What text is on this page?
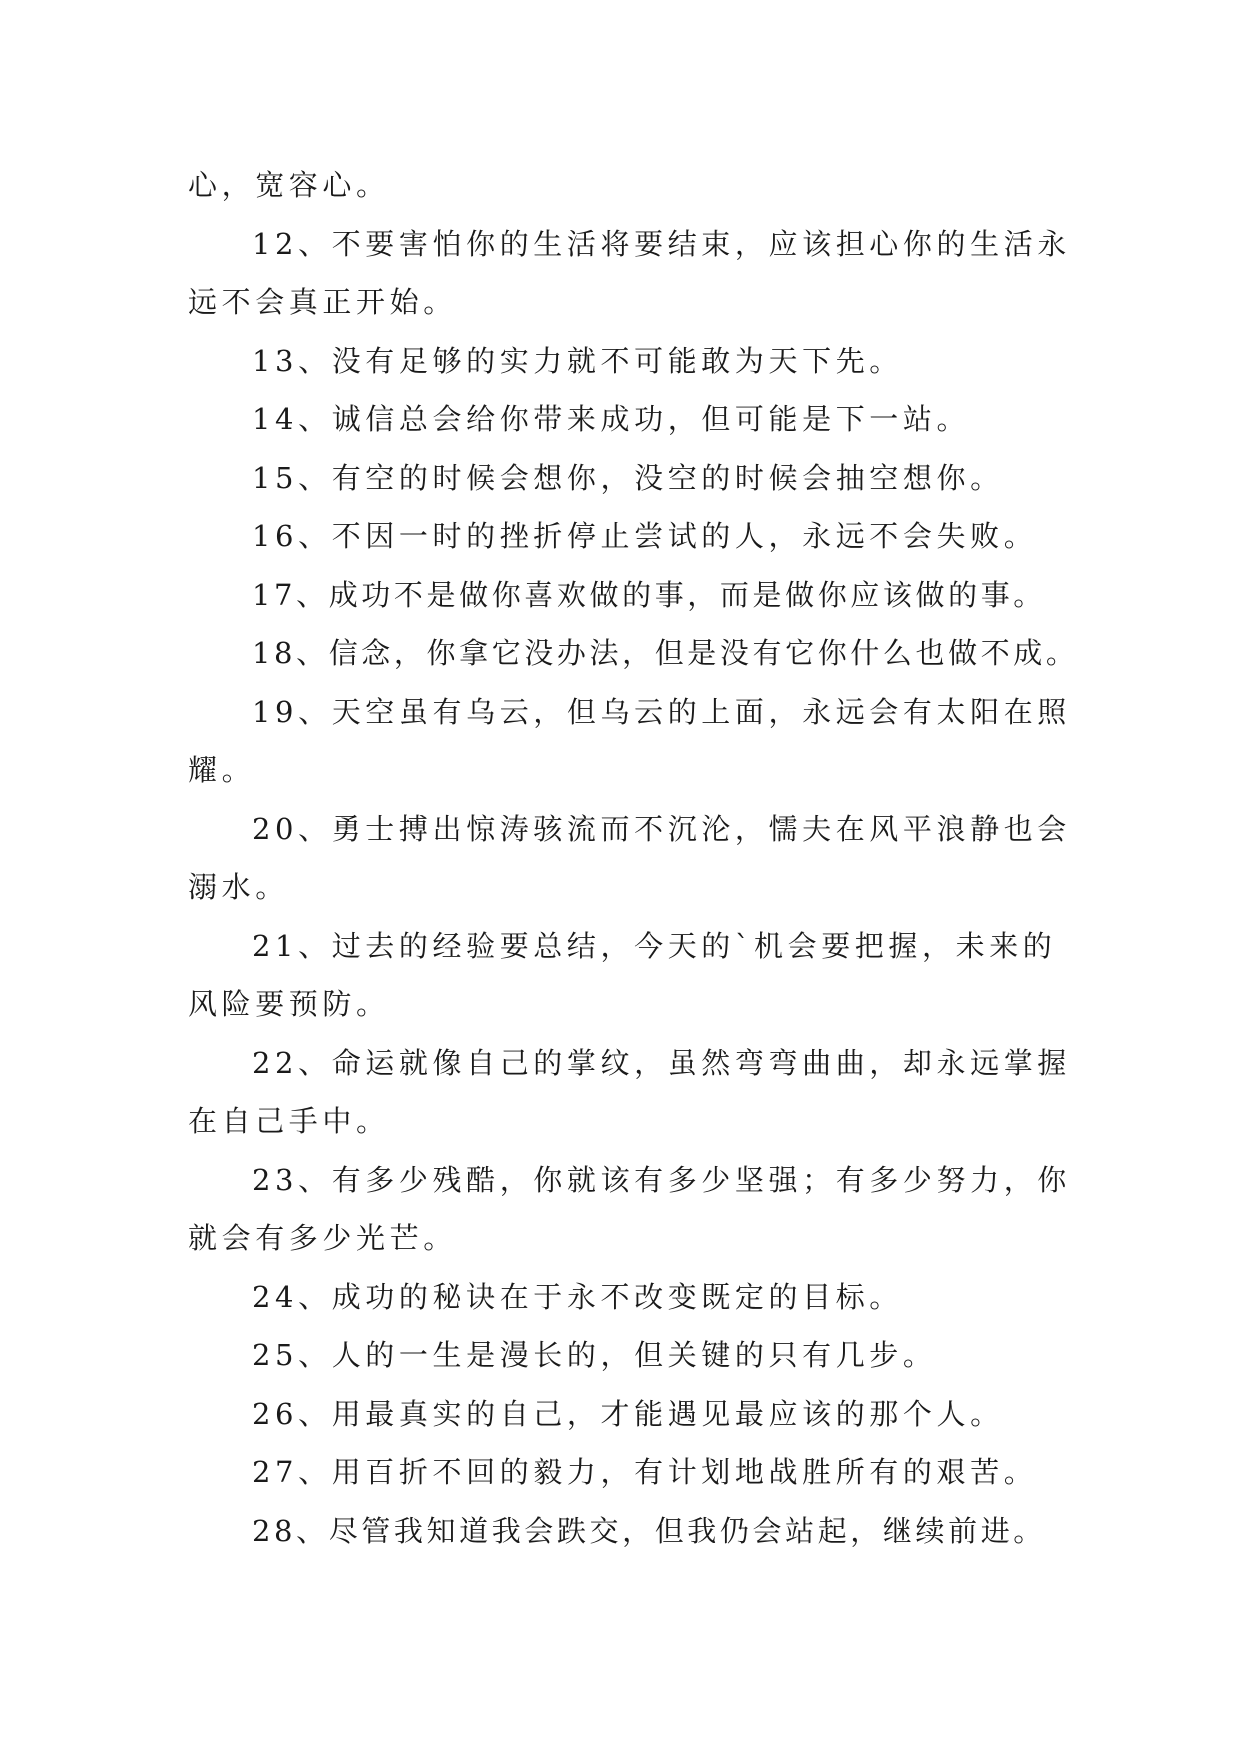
心，宽容心。

12、不要害怕你的生活将要结束，应该担心你的生活永远不会真正开始。

13、没有足够的实力就不可能敢为天下先。

14、诚信总会给你带来成功，但可能是下一站。

15、有空的时候会想你，没空的时候会抽空想你。

16、不因一时的挫折停止尝试的人，永远不会失败。

17、成功不是做你喜欢做的事，而是做你应该做的事。

18、信念，你拿它没办法，但是没有它你什么也做不成。

19、天空虽有乌云，但乌云的上面，永远会有太阳在照耀。

20、勇士搏出惊涛骇流而不沉沦，懦夫在风平浪静也会溺水。

21、过去的经验要总结，今天的`机会要把握，未来的风险要预防。

22、命运就像自己的掌纹，虽然弯弯曲曲，却永远掌握在自己手中。

23、有多少残酷，你就该有多少坚强；有多少努力，你就会有多少光芒。

24、成功的秘诀在于永不改变既定的目标。

25、人的一生是漫长的，但关键的只有几步。

26、用最真实的自己，才能遇见最应该的那个人。

27、用百折不回的毅力，有计划地战胜所有的艰苦。

28、尽管我知道我会跌交，但我仍会站起，继续前进。
